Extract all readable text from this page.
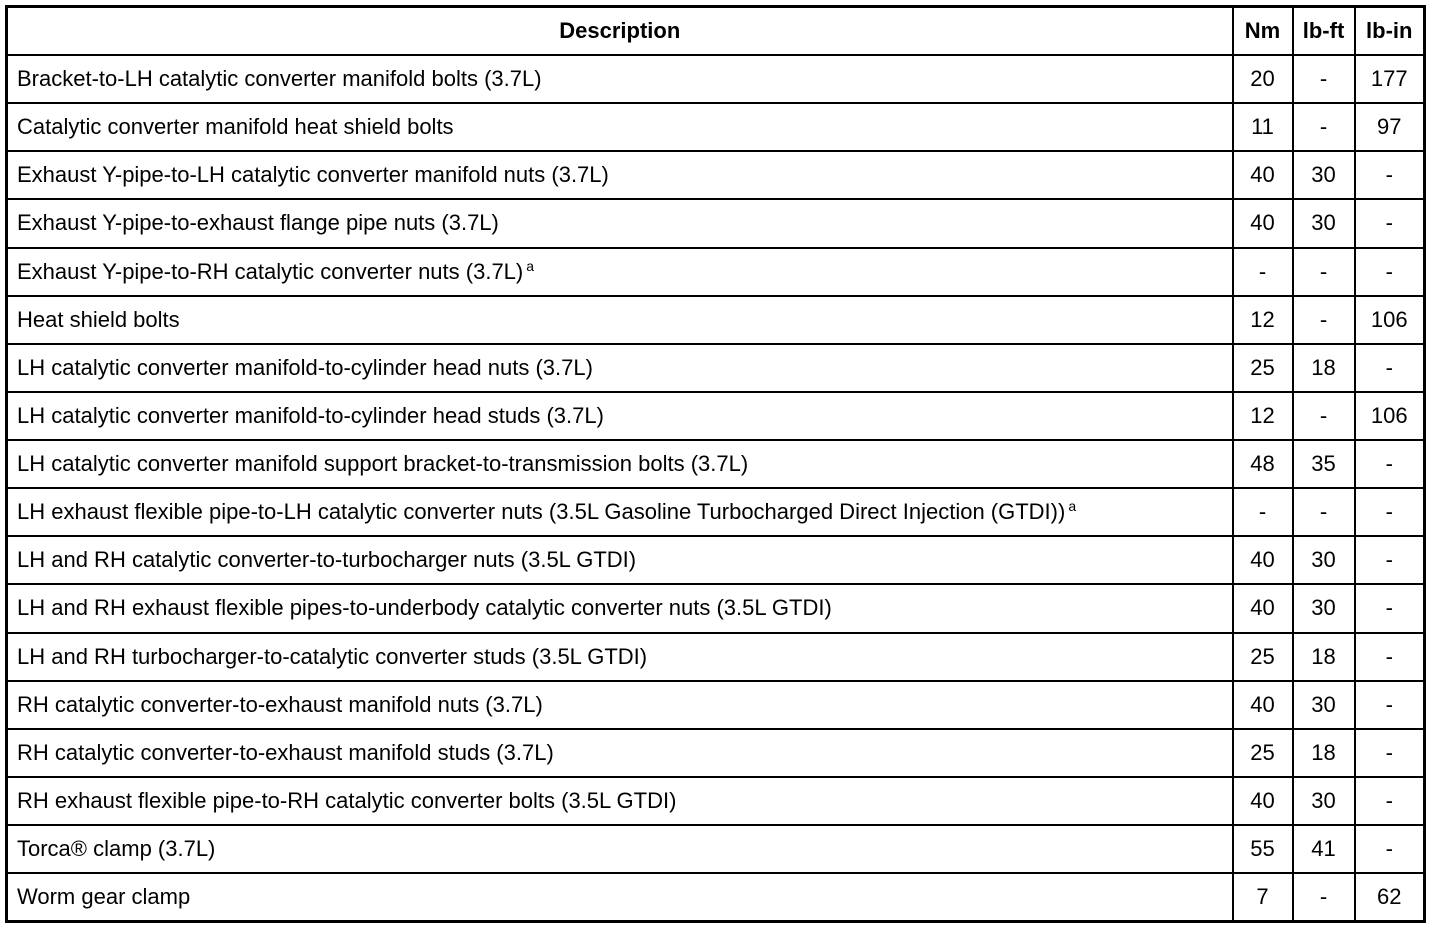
Description	Nm	lb-ft	lb-in
Bracket-to-LH catalytic converter manifold bolts (3.7L)	20	-	177
Catalytic converter manifold heat shield bolts	11	-	97
Exhaust Y-pipe-to-LH catalytic converter manifold nuts (3.7L)	40	30	-
Exhaust Y-pipe-to-exhaust flange pipe nuts (3.7L)	40	30	-
Exhaust Y-pipe-to-RH catalytic converter nuts (3.7L) $^a$	-	-	-
Heat shield bolts	12	-	106
LH catalytic converter manifold-to-cylinder head nuts (3.7L)	25	18	-
LH catalytic converter manifold-to-cylinder head studs (3.7L)	12	-	106
LH catalytic converter manifold support bracket-to-transmission bolts (3.7L)	48	35	-
LH exhaust flexible pipe-to-LH catalytic converter nuts (3.5L Gasoline Turbocharged Direct Injection (GTDI)) $^a$	-	-	-
LH and RH catalytic converter-to-turbocharger nuts (3.5L GTDI)	40	30	-
LH and RH exhaust flexible pipes-to-underbody catalytic converter nuts (3.5L GTDI)	40	30	-
LH and RH turbocharger-to-catalytic converter studs (3.5L GTDI)	25	18	-
RH catalytic converter-to-exhaust manifold nuts (3.7L)	40	30	-
RH catalytic converter-to-exhaust manifold studs (3.7L)	25	18	-
RH exhaust flexible pipe-to-RH catalytic converter bolts (3.5L GTDI)	40	30	-
Torca® clamp (3.7L)	55	41	-
Worm gear clamp	7	-	62
